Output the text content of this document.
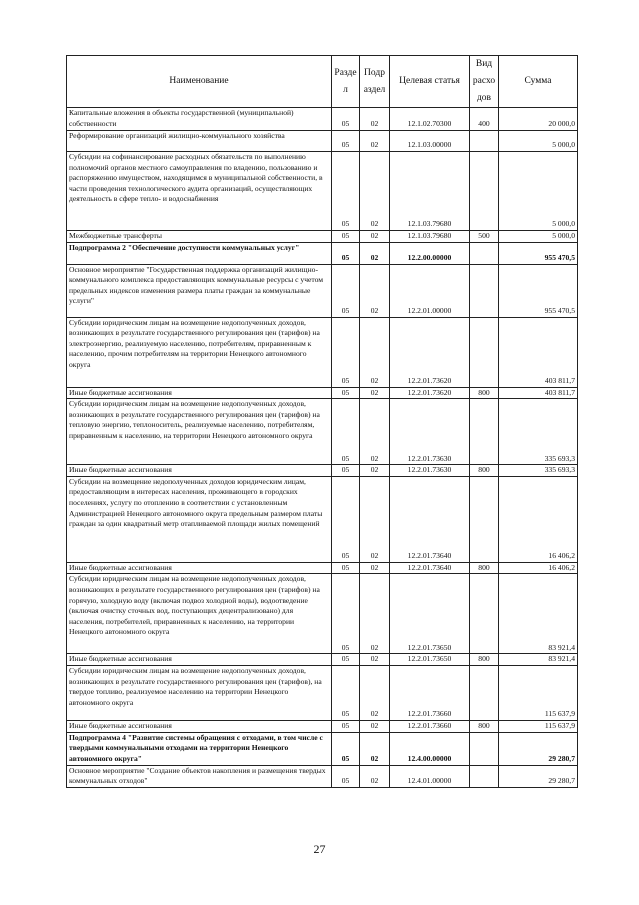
Наименование	Разде л	Подр аздел	Целевая статья	Вид расхо дов	Сумма
Капитальные вложения в объекты государственной (муниципальной) собственности	05	02	12.1.02.70300	400	20 000,0
Реформирование организаций жилищно-коммунального хозяйства	05	02	12.1.03.00000		5 000,0
Субсидии на софинансирование расходных обязательств по выполнению полномочий органов местного самоуправления по владению, пользованию и распоряжению имуществом, находящимся в муниципальной собственности, в части проведения технологического аудита организаций, осуществляющих деятельность в сфере тепло- и водоснабжения	05	02	12.1.03.79680		5 000,0
Межбюджетные трансферты	05	02	12.1.03.79680	500	5 000,0
Подпрограмма 2 "Обеспечение доступности коммунальных услуг"	05	02	12.2.00.00000		955 470,5
Основное мероприятие "Государственная поддержка организаций жилищно-коммунального комплекса предоставляющих коммунальные ресурсы с учетом предельных индексов изменения размера платы граждан за коммунальные услуги"	05	02	12.2.01.00000		955 470,5
Субсидии юридическим лицам на возмещение недополученных доходов, возникающих в результате государственного регулирования цен (тарифов) на электроэнергию, реализуемую населению, потребителям, приравненным к населению, прочим потребителям на территории Ненецкого автономного округа	05	02	12.2.01.73620		403 811,7
Иные бюджетные ассигнования	05	02	12.2.01.73620	800	403 811,7
Субсидии юридическим лицам на возмещение недополученных доходов, возникающих в результате государственного регулирования цен (тарифов) на тепловую энергию, теплоноситель, реализуемые населению, потребителям, приравненным к населению, на территории Ненецкого автономного округа	05	02	12.2.01.73630		335 693,3
Иные бюджетные ассигнования	05	02	12.2.01.73630	800	335 693,3
Субсидии на возмещение недополученных доходов юридическим лицам, предоставляющим в интересах населения, проживающего в городских поселениях, услугу по отоплению в соответствии с установленным Администрацией Ненецкого автономного округа предельным размером платы граждан за один квадратный метр отапливаемой площади жилых помещений	05	02	12.2.01.73640		16 406,2
Иные бюджетные ассигнования	05	02	12.2.01.73640	800	16 406,2
Субсидии юридическим лицам на возмещение недополученных доходов, возникающих в результате государственного регулирования цен (тарифов) на горячую, холодную воду (включая подвоз холодной воды), водоотведение (включая очистку сточных вод, поступающих децентрализовано) для населения, потребителей, приравненных к населению, на территории Ненецкого автономного округа	05	02	12.2.01.73650		83 921,4
Иные бюджетные ассигнования	05	02	12.2.01.73650	800	83 921,4
Субсидии юридическим лицам на возмещение недополученных доходов, возникающих в результате государственного регулирования цен (тарифов), на твердое топливо, реализуемое населению на территории Ненецкого автономного округа	05	02	12.2.01.73660		115 637,9
Иные бюджетные ассигнования	05	02	12.2.01.73660	800	115 637,9
Подпрограмма 4 "Развитие системы обращения с отходами, в том числе с твердыми коммунальными отходами на территории Ненецкого автономного округа"	05	02	12.4.00.00000		29 280,7
Основное мероприятие "Создание объектов накопления и размещения твердых коммунальных отходов"	05	02	12.4.01.00000		29 280,7
27
